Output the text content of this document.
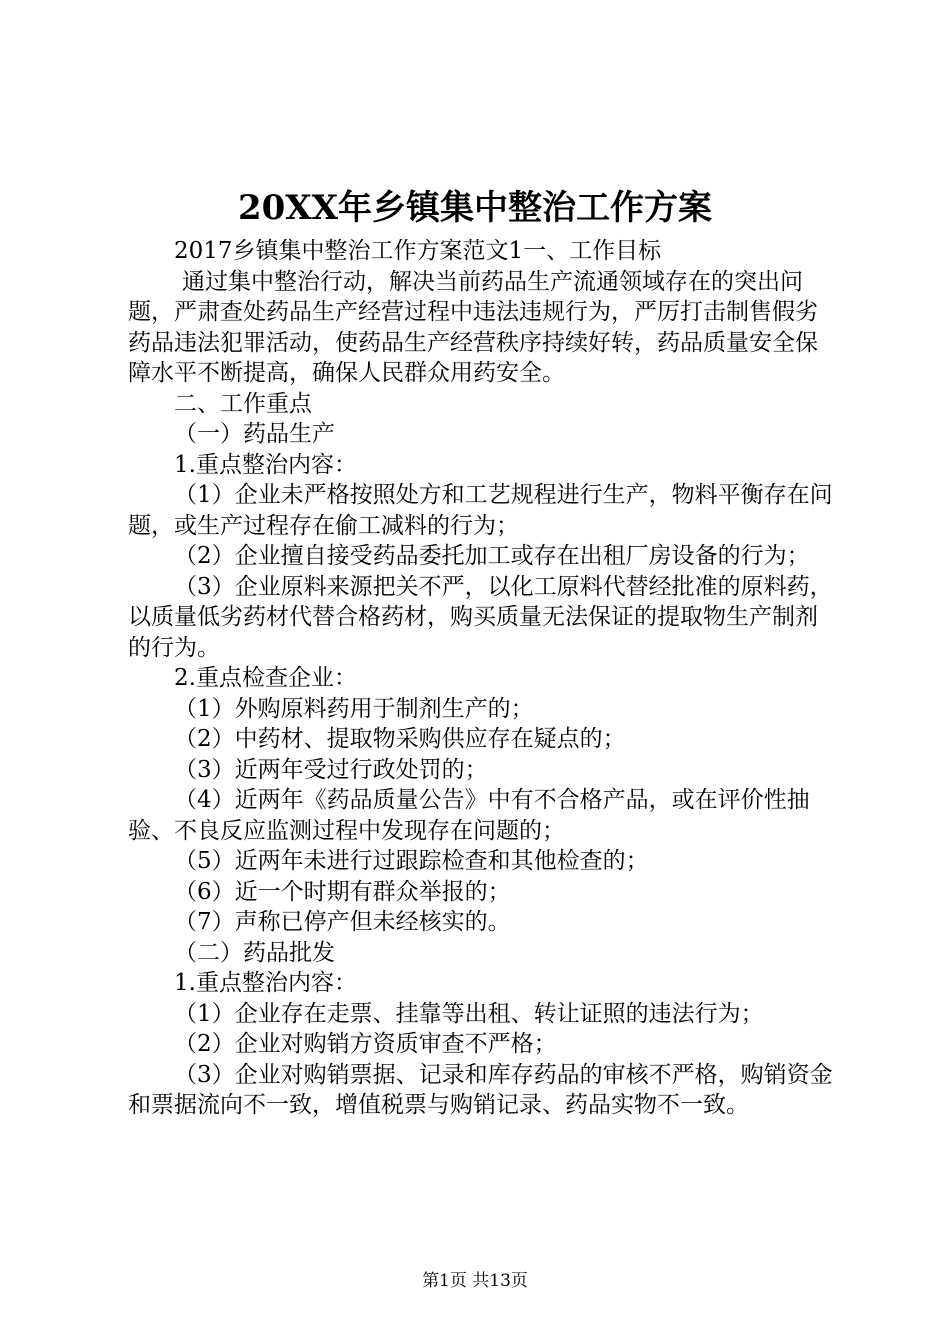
20XX年乡镇集中整治工作方案

2017乡镇集中整治工作方案范文1一、工作目标

通过集中整治行动，解决当前药品生产流通领域存在的突出问题，严肃查处药品生产经营过程中违法违规行为，严厉打击制售假劣药品违法犯罪活动，使药品生产经营秩序持续好转，药品质量安全保障水平不断提高，确保人民群众用药安全。

二、工作重点

（一）药品生产

1.重点整治内容：

（1）企业未严格按照处方和工艺规程进行生产，物料平衡存在问题，或生产过程存在偷工减料的行为；

（2）企业擅自接受药品委托加工或存在出租厂房设备的行为；

（3）企业原料来源把关不严，以化工原料代替经批准的原料药，以质量低劣药材代替合格药材，购买质量无法保证的提取物生产制剂的行为。

2.重点检查企业：

（1）外购原料药用于制剂生产的；

（2）中药材、提取物采购供应存在疑点的；

（3）近两年受过行政处罚的；

（4）近两年《药品质量公告》中有不合格产品，或在评价性抽验、不良反应监测过程中发现存在问题的；

（5）近两年未进行过跟踪检查和其他检查的；

（6）近一个时期有群众举报的；

（7）声称已停产但未经核实的。

（二）药品批发

1.重点整治内容：

（1）企业存在走票、挂靠等出租、转让证照的违法行为；

（2）企业对购销方资质审查不严格；

（3）企业对购销票据、记录和库存药品的审核不严格，购销资金和票据流向不一致，增值税票与购销记录、药品实物不一致。

第1页 共13页
